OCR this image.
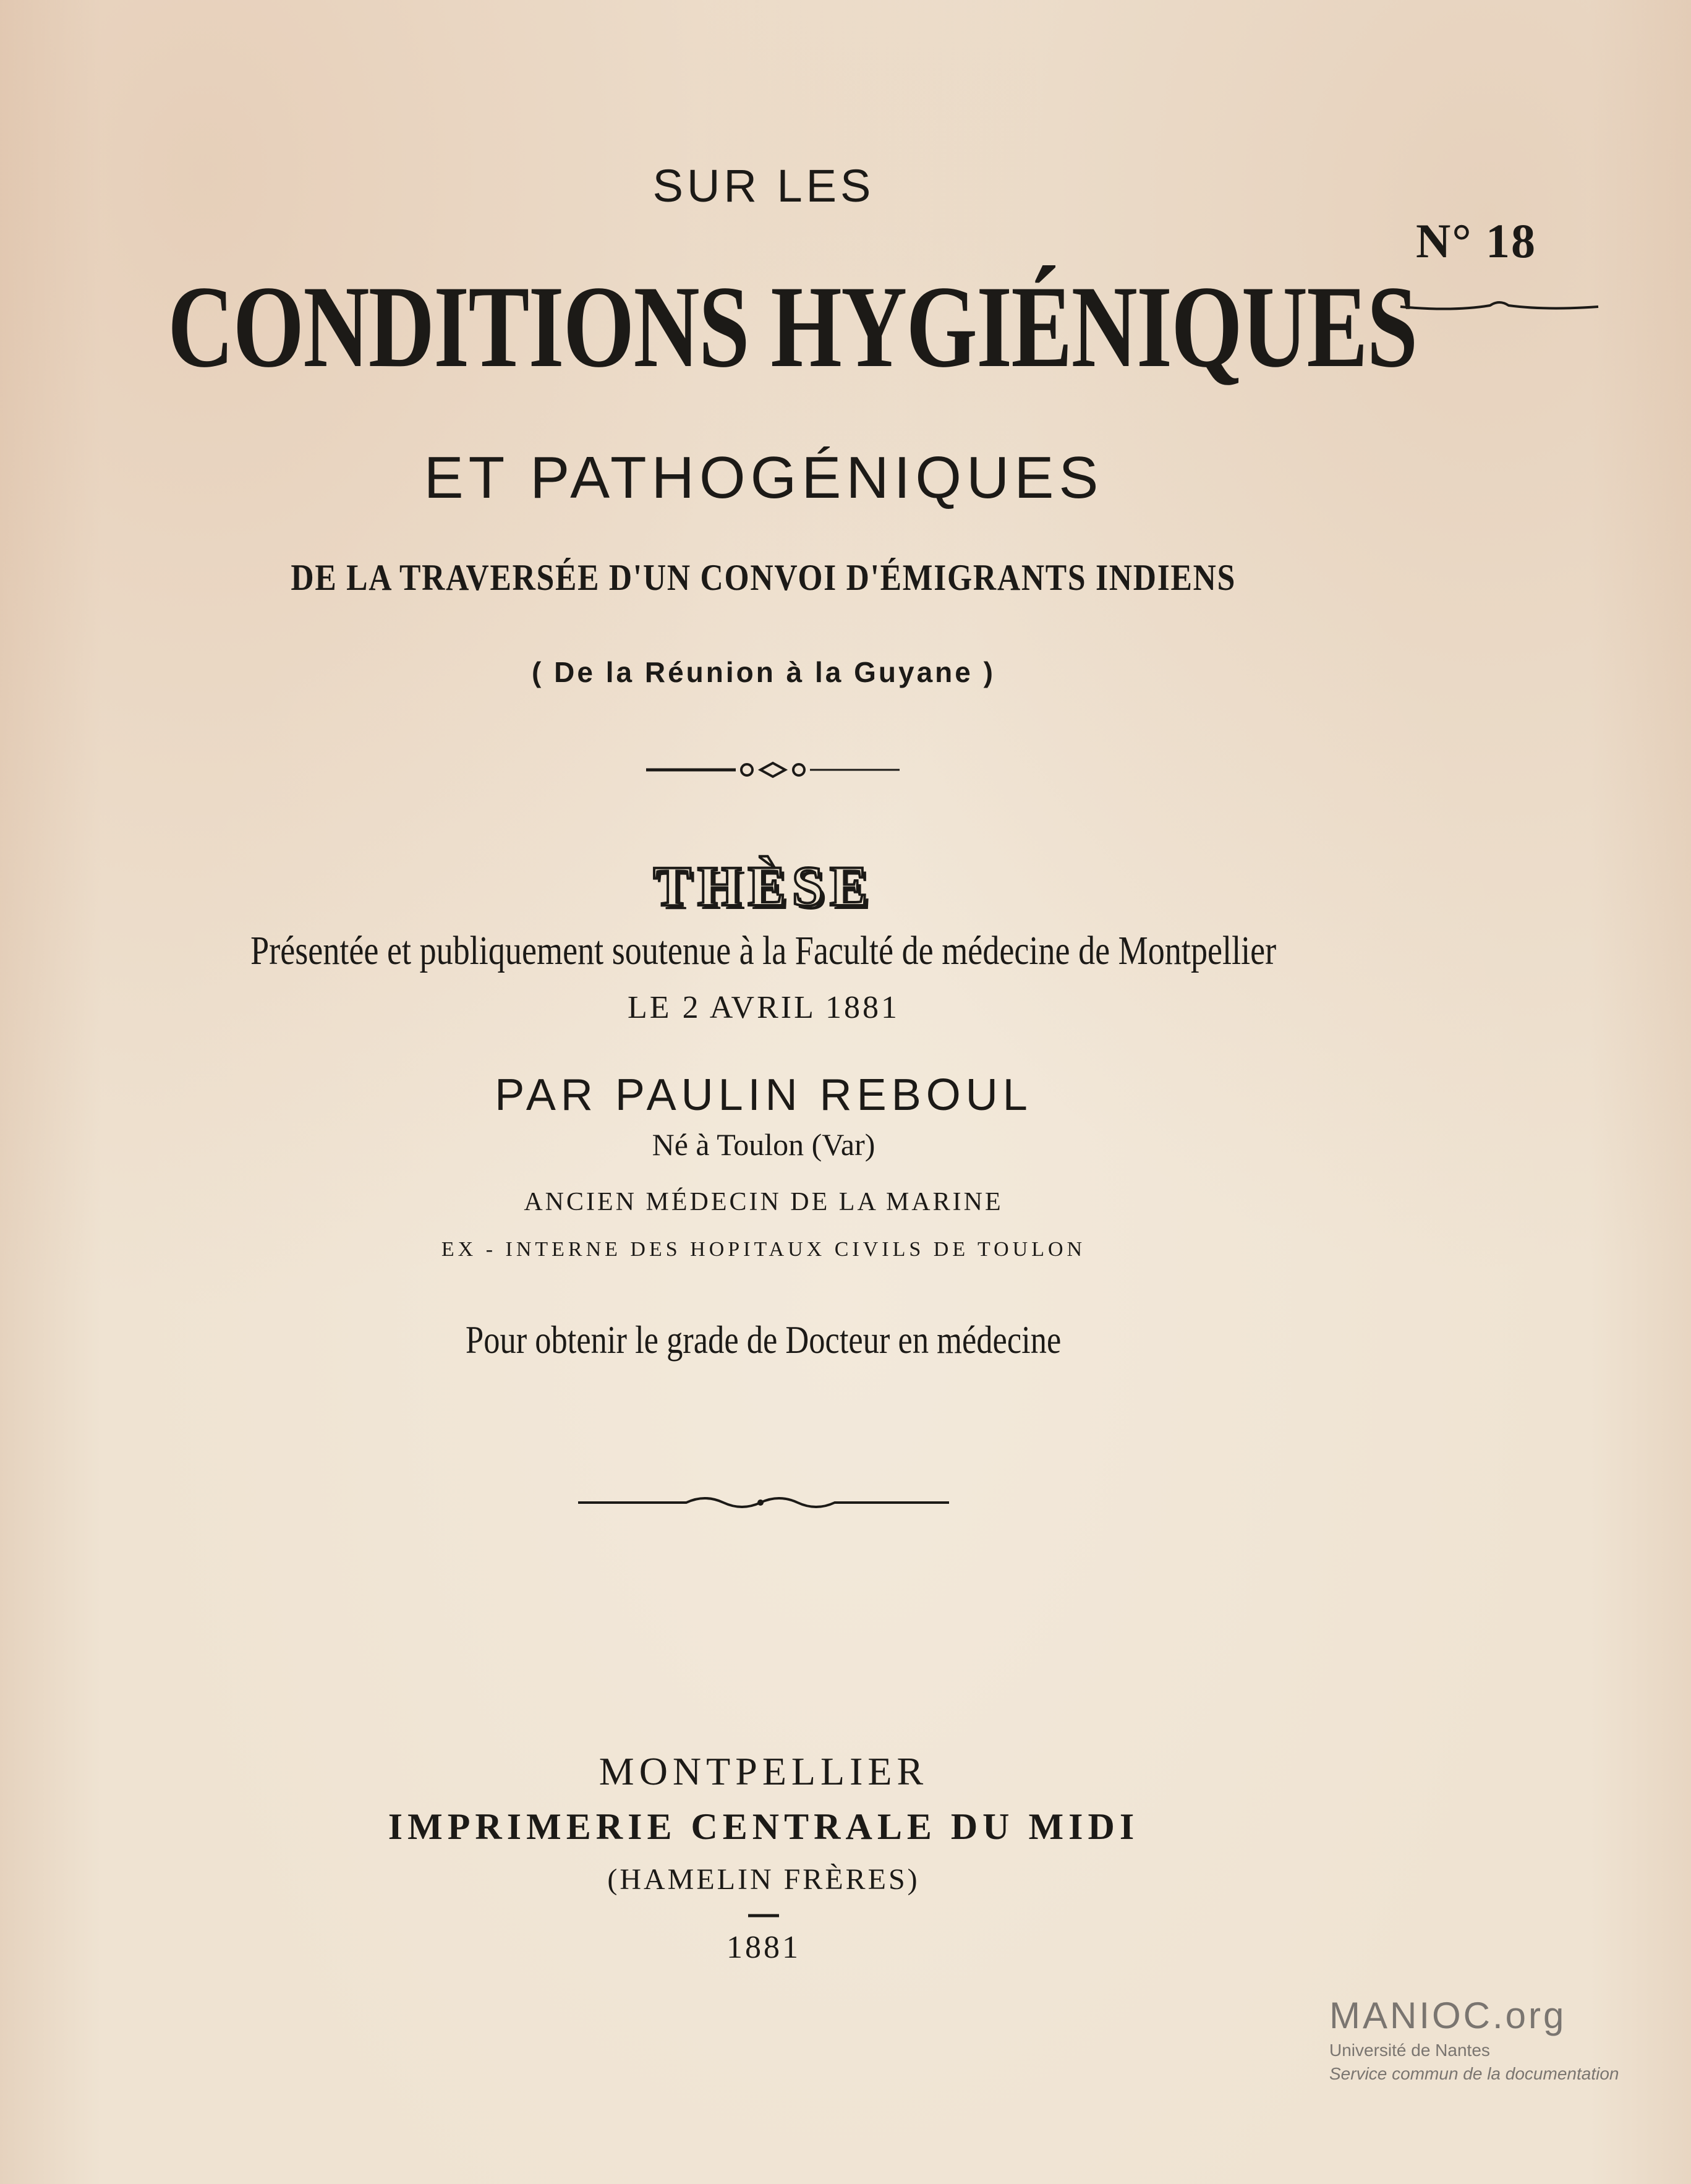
SUR LES
CONDITIONS HYGIÉNIQUES
ET PATHOGÉNIQUES
DE LA TRAVERSÉE D'UN CONVOI D'ÉMIGRANTS INDIENS
( De la Réunion à la Guyane )
N° 18
THÈSE
Présentée et publiquement soutenue à la Faculté de médecine de Montpellier
LE 2 AVRIL 1881
PAR PAULIN REBOUL
Né à Toulon (Var)
ANCIEN MÉDECIN DE LA MARINE
EX - INTERNE DES HOPITAUX CIVILS DE TOULON
Pour obtenir le grade de Docteur en médecine
MONTPELLIER
IMPRIMERIE CENTRALE DU MIDI
(HAMELIN FRÈRES)
1881
MANIOC.org
Université de Nantes
Service commun de la documentation
